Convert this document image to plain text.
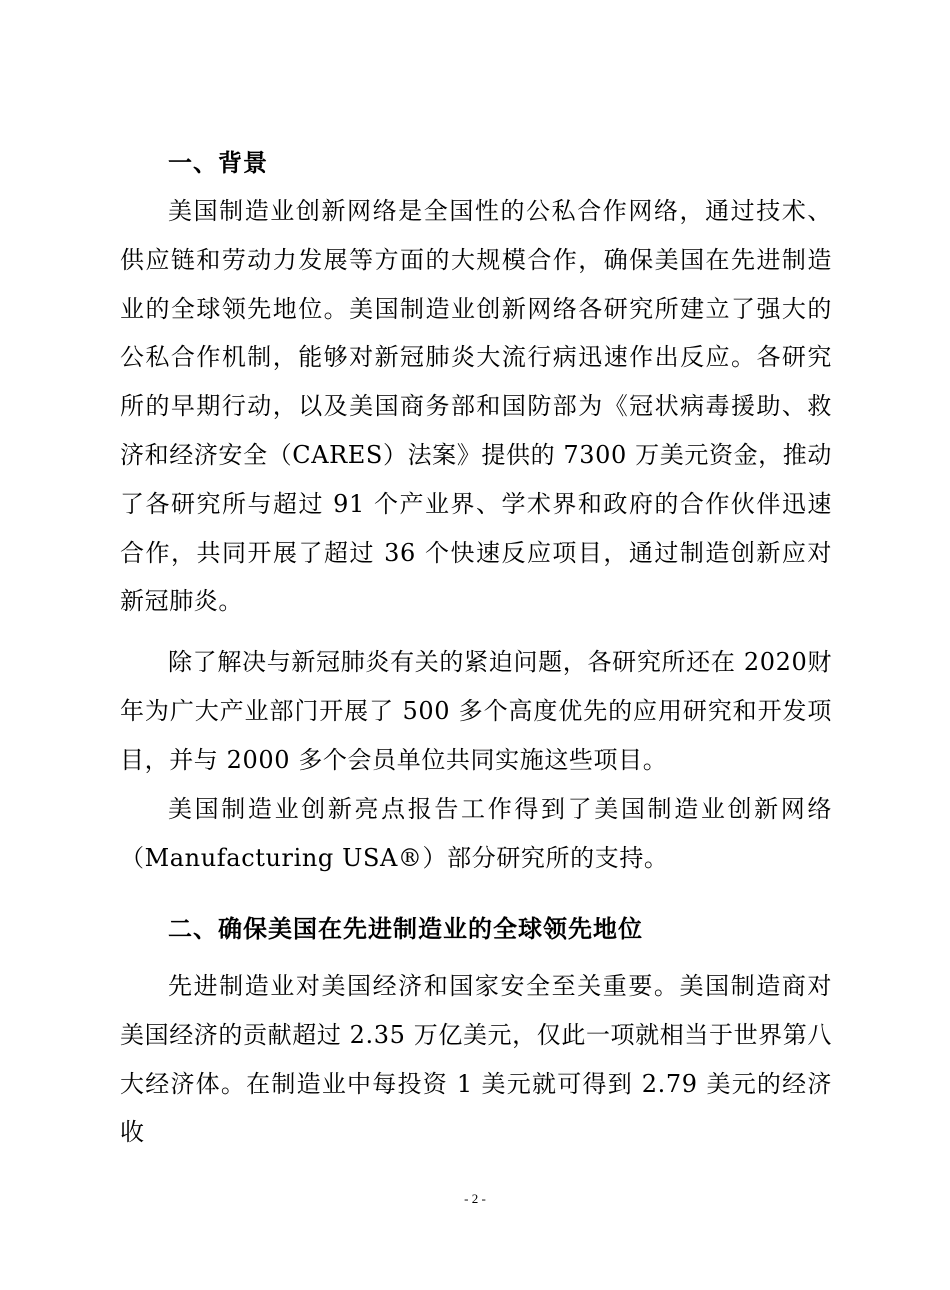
一、背景

美国制造业创新网络是全国性的公私合作网络，通过技术、供应链和劳动力发展等方面的大规模合作，确保美国在先进制造业的全球领先地位。美国制造业创新网络各研究所建立了强大的公私合作机制，能够对新冠肺炎大流行病迅速作出反应。各研究所的早期行动，以及美国商务部和国防部为《冠状病毒援助、救济和经济安全（CARES）法案》提供的 7300 万美元资金，推动了各研究所与超过 91 个产业界、学术界和政府的合作伙伴迅速合作，共同开展了超过 36 个快速反应项目，通过制造创新应对新冠肺炎。

除了解决与新冠肺炎有关的紧迫问题，各研究所还在 2020财年为广大产业部门开展了 500 多个高度优先的应用研究和开发项目，并与 2000 多个会员单位共同实施这些项目。

美国制造业创新亮点报告工作得到了美国制造业创新网络（Manufacturing USA®）部分研究所的支持。

二、确保美国在先进制造业的全球领先地位

先进制造业对美国经济和国家安全至关重要。美国制造商对美国经济的贡献超过 2.35 万亿美元，仅此一项就相当于世界第八大经济体。在制造业中每投资 1 美元就可得到 2.79 美元的经济收

- 2 -
